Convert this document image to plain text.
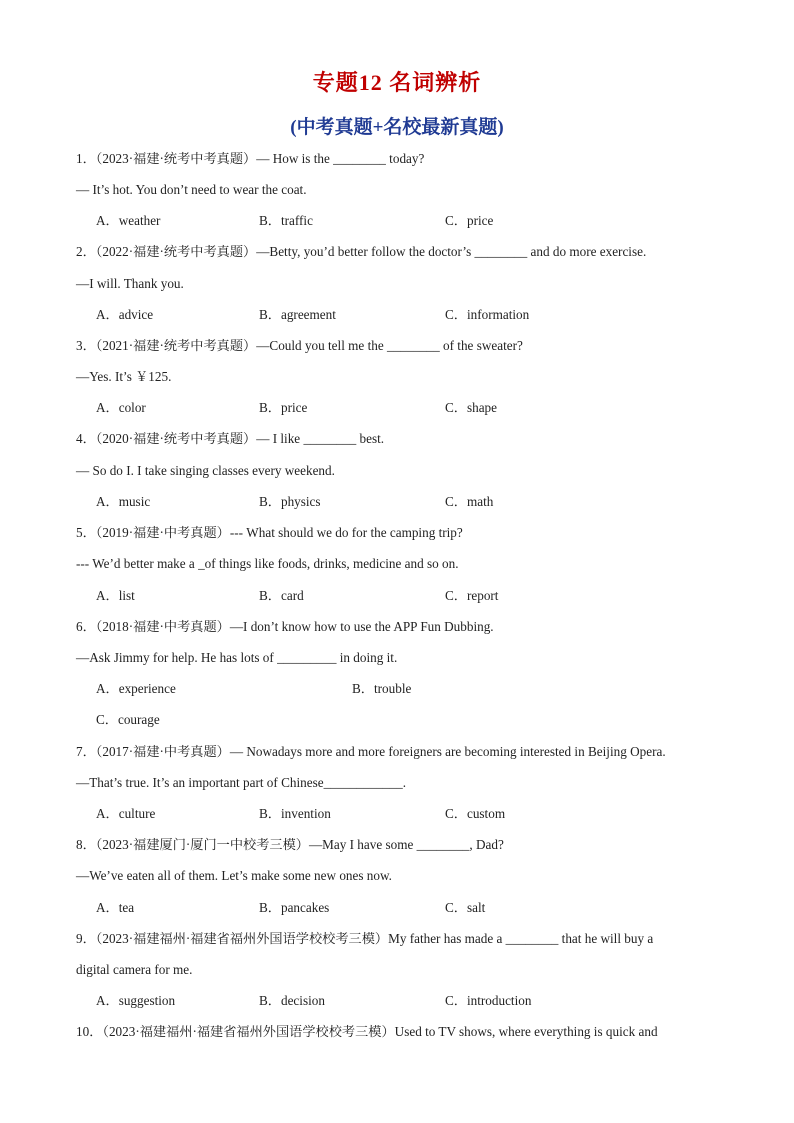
专题12 名词辨析
(中考真题+名校最新真题)
1．（2023·福建·统考中考真题）— How is the ________ today?
— It’s hot. You don’t need to wear the coat.
A．weather	B．traffic	C．price
2．（2022·福建·统考中考真题）—Betty, you’d better follow the doctor’s ________ and do more exercise.
—I will. Thank you.
A．advice	B．agreement	C．information
3．（2021·福建·统考中考真题）—Could you tell me the ________ of the sweater?
—Yes. It’s ￥125.
A．color	B．price	C．shape
4．（2020·福建·统考中考真题）— I like ________ best.
— So do I. I take singing classes every weekend.
A．music	B．physics	C．math
5．（2019·福建·中考真题）--- What should we do for the camping trip?
--- We’d better make a _of things like foods, drinks, medicine and so on.
A．list	B．card	C．report
6．（2018·福建·中考真题）—I don’t know how to use the APP Fun Dubbing.
—Ask Jimmy for help. He has lots of _________ in doing it.
A．experience	B．trouble
C．courage
7．（2017·福建·中考真题）— Nowadays more and more foreigners are becoming interested in Beijing Opera.
—That’s true. It’s an important part of Chinese____________.
A．culture	B．invention	C．custom
8．（2023·福建厦门·厦门一中校考三模）—May I have some ________, Dad?
—We’ve eaten all of them. Let’s make some new ones now.
A．tea	B．pancakes	C．salt
9．（2023·福建福州·福建省福州外国语学校校考三模）My father has made a ________ that he will buy a
digital camera for me.
A．suggestion	B．decision	C．introduction
10．（2023·福建福州·福建省福州外国语学校校考三模）Used to TV shows, where everything is quick and
